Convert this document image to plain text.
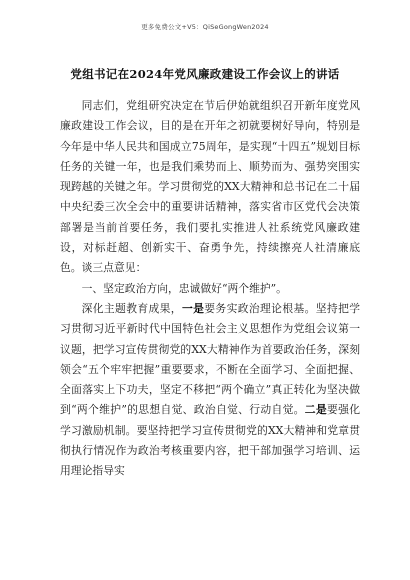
更多免费公文+V5：QiSeGongWen2024
党组书记在2024年党风廉政建设工作会议上的讲话

同志们，党组研究决定在节后伊始就组织召开新年度党风廉政建设工作会议，目的是在开年之初就要树好导向，特别是今年是中华人民共和国成立75周年，是实现“十四五”规划目标任务的关键一年，也是我们乘势而上、顺势而为、强势突围实现跨越的关键之年。学习贯彻党的XX大精神和总书记在二十届中央纪委三次全会中的重要讲话精神，落实省市区党代会决策部署是当前首要任务，我们要扎实推进人社系统党风廉政建设，对标赶超、创新实干、奋勇争先，持续擦亮人社清廉底色。谈三点意见：

一、坚定政治方向，忠诚做好“两个维护”。

深化主题教育成果，一是要务实政治理论根基。坚持把学习贯彻习近平新时代中国特色社会主义思想作为党组会议第一议题，把学习宣传贯彻党的XX大精神作为首要政治任务，深刻领会“五个牢牢把握”重要要求，不断在全面学习、全面把握、全面落实上下功夫，坚定不移把“两个确立”真正转化为坚决做到“两个维护”的思想自觉、政治自觉、行动自觉。二是要强化学习激励机制。要坚持把学习宣传贯彻党的XX大精神和党章贯彻执行情况作为政治考核重要内容，把干部加强学习培训、运用理论指导实
